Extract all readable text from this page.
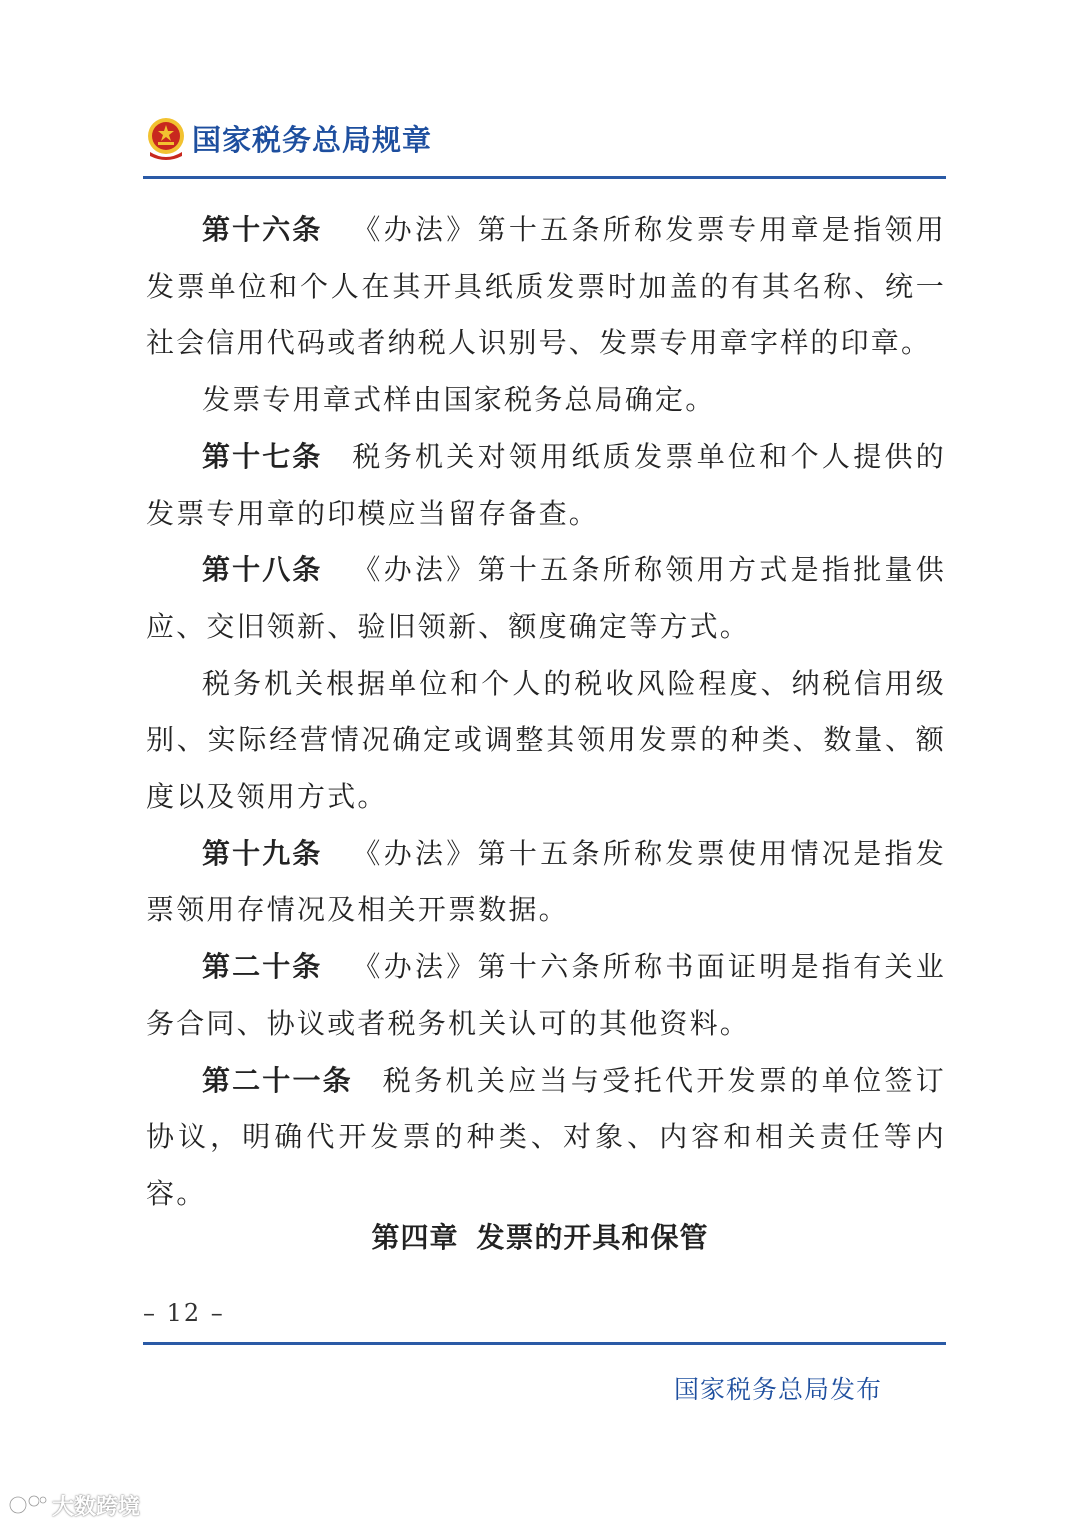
国家税务总局规章

第十六条 《办法》第十五条所称发票专用章是指领用发票单位和个人在其开具纸质发票时加盖的有其名称、统一社会信用代码或者纳税人识别号、发票专用章字样的印章。

发票专用章式样由国家税务总局确定。

第十七条 税务机关对领用纸质发票单位和个人提供的发票专用章的印模应当留存备查。

第十八条 《办法》第十五条所称领用方式是指批量供应、交旧领新、验旧领新、额度确定等方式。

税务机关根据单位和个人的税收风险程度、纳税信用级别、实际经营情况确定或调整其领用发票的种类、数量、额度以及领用方式。

第十九条 《办法》第十五条所称发票使用情况是指发票领用存情况及相关开票数据。

第二十条 《办法》第十六条所称书面证明是指有关业务合同、协议或者税务机关认可的其他资料。

第二十一条 税务机关应当与受托代开发票的单位签订协议，明确代开发票的种类、对象、内容和相关责任等内容。

第四章 发票的开具和保管
– 12 –
国家税务总局发布
大数跨境
